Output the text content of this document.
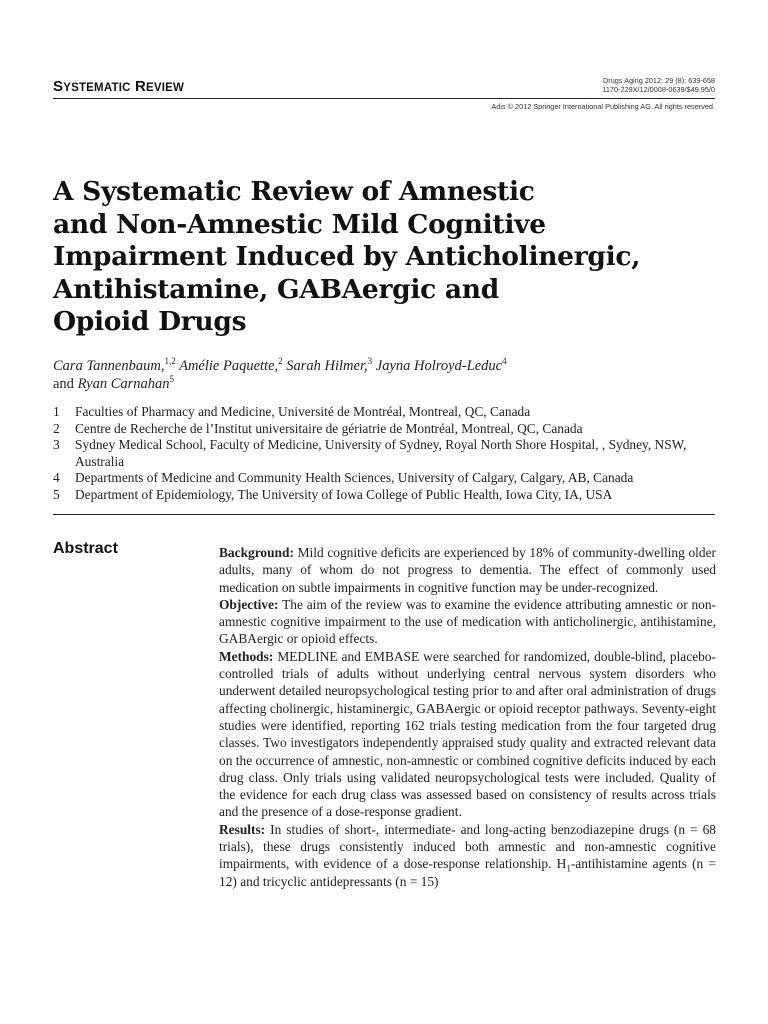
SYSTEMATIC REVIEW
Drugs Aging 2012; 29 (8): 639-658
1170-229X/12/0008-0639/$49.95/0
Adis © 2012 Springer International Publishing AG. All rights reserved.
A Systematic Review of Amnestic
and Non-Amnestic Mild Cognitive
Impairment Induced by Anticholinergic,
Antihistamine, GABAergic and
Opioid Drugs
Cara Tannenbaum,$^{1,2}$ Amélie Paquette,$^2$ Sarah Hilmer,$^3$ Jayna Holroyd-Leduc$^4$
and Ryan Carnahan$^5$
1	Faculties of Pharmacy and Medicine, Université de Montréal, Montreal, QC, Canada
2	Centre de Recherche de l’Institut universitaire de gériatrie de Montréal, Montreal, QC, Canada
3	Sydney Medical School, Faculty of Medicine, University of Sydney, Royal North Shore Hospital, , Sydney, NSW, Australia
4	Departments of Medicine and Community Health Sciences, University of Calgary, Calgary, AB, Canada
5	Department of Epidemiology, The University of Iowa College of Public Health, Iowa City, IA, USA
Abstract	Background: Mild cognitive deficits are experienced by 18% of community-dwelling older adults, many of whom do not progress to dementia. The effect of commonly used medication on subtle impairments in cognitive function may be under-recognized.

Objective: The aim of the review was to examine the evidence attributing amnestic or non-amnestic cognitive impairment to the use of medication with anticholinergic, antihistamine, GABAergic or opioid effects.

Methods: MEDLINE and EMBASE were searched for randomized, double-blind, placebo-controlled trials of adults without underlying central nervous system disorders who underwent detailed neuropsychological testing prior to and after oral administration of drugs affecting cholinergic, histaminergic, GABAergic or opioid receptor pathways. Seventy-eight studies were identified, reporting 162 trials testing medication from the four targeted drug classes. Two investigators independently appraised study quality and extracted relevant data on the occurrence of amnestic, non-amnestic or combined cognitive deficits induced by each drug class. Only trials using validated neuropsychological tests were included. Quality of the evidence for each drug class was assessed based on consistency of results across trials and the presence of a dose-response gradient.

Results: In studies of short-, intermediate- and long-acting benzodiazepine drugs (n = 68 trials), these drugs consistently induced both amnestic and non-amnestic cognitive impairments, with evidence of a dose-response relationship. $H_1$-antihistamine agents (n = 12) and tricyclic antidepressants (n = 15)
